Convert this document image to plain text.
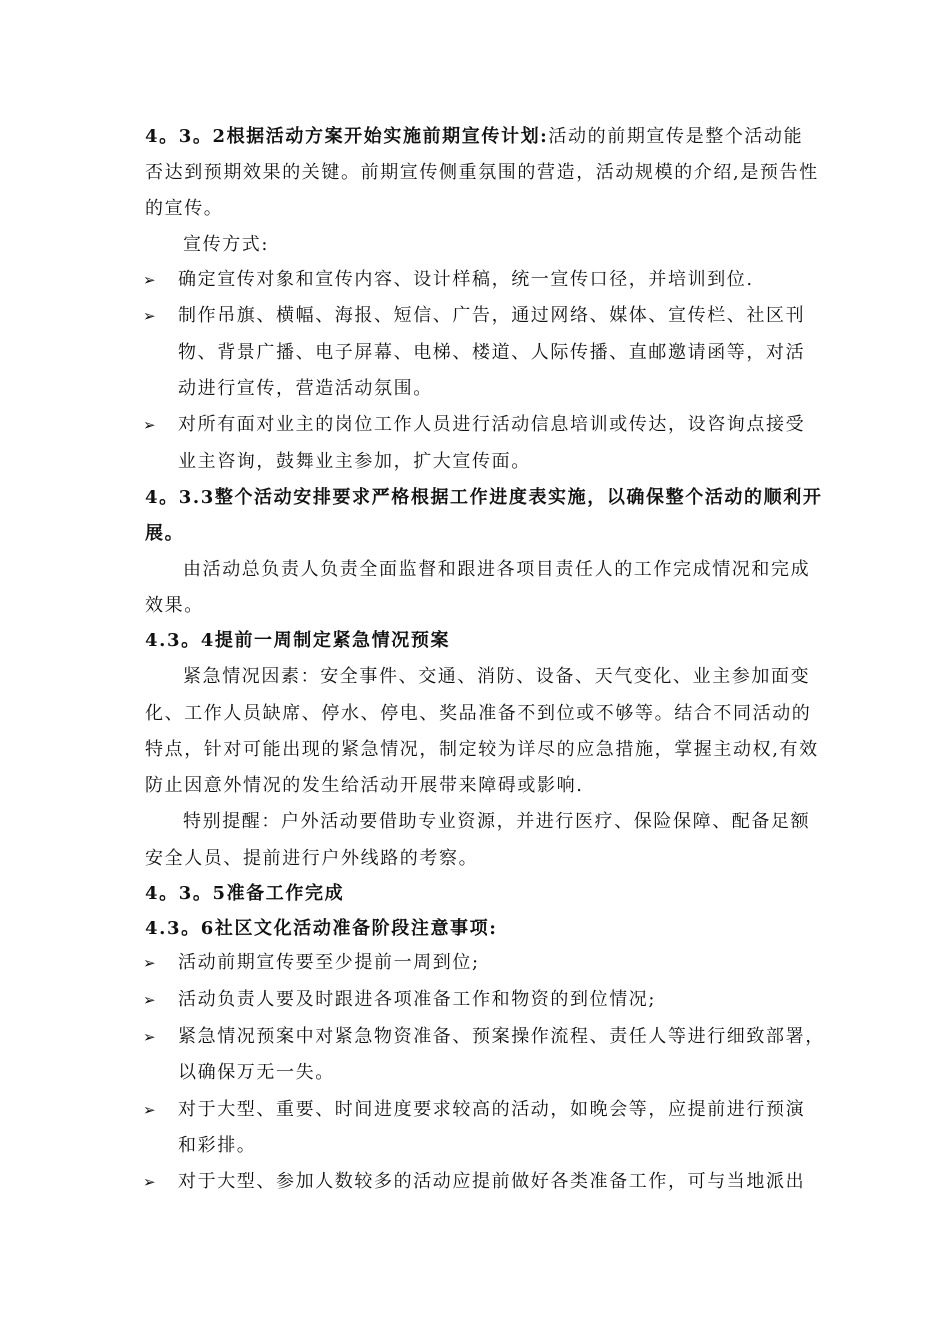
4。3。2根据活动方案开始实施前期宣传计划:活动的前期宣传是整个活动能
否达到预期效果的关键。前期宣传侧重氛围的营造，活动规模的介绍,是预告性
的宣传。
宣传方式:
➢ 确定宣传对象和宣传内容、设计样稿，统一宣传口径，并培训到位.
➢ 制作吊旗、横幅、海报、短信、广告，通过网络、媒体、宣传栏、社区刊
物、背景广播、电子屏幕、电梯、楼道、人际传播、直邮邀请函等，对活
动进行宣传，营造活动氛围。
➢ 对所有面对业主的岗位工作人员进行活动信息培训或传达，设咨询点接受
业主咨询，鼓舞业主参加，扩大宣传面。
4。3.3整个活动安排要求严格根据工作进度表实施，以确保整个活动的顺利开
展。
由活动总负责人负责全面监督和跟进各项目责任人的工作完成情况和完成
效果。
4.3。4提前一周制定紧急情况预案
紧急情况因素：安全事件、交通、消防、设备、天气变化、业主参加面变
化、工作人员缺席、停水、停电、奖品准备不到位或不够等。结合不同活动的
特点，针对可能出现的紧急情况，制定较为详尽的应急措施，掌握主动权,有效
防止因意外情况的发生给活动开展带来障碍或影响.
特别提醒：户外活动要借助专业资源，并进行医疗、保险保障、配备足额
安全人员、提前进行户外线路的考察。
4。3。5准备工作完成
4.3。6社区文化活动准备阶段注意事项:
➢ 活动前期宣传要至少提前一周到位;
➢ 活动负责人要及时跟进各项准备工作和物资的到位情况;
➢ 紧急情况预案中对紧急物资准备、预案操作流程、责任人等进行细致部署，
以确保万无一失。
➢ 对于大型、重要、时间进度要求较高的活动，如晚会等，应提前进行预演
和彩排。
➢ 对于大型、参加人数较多的活动应提前做好各类准备工作，可与当地派出
